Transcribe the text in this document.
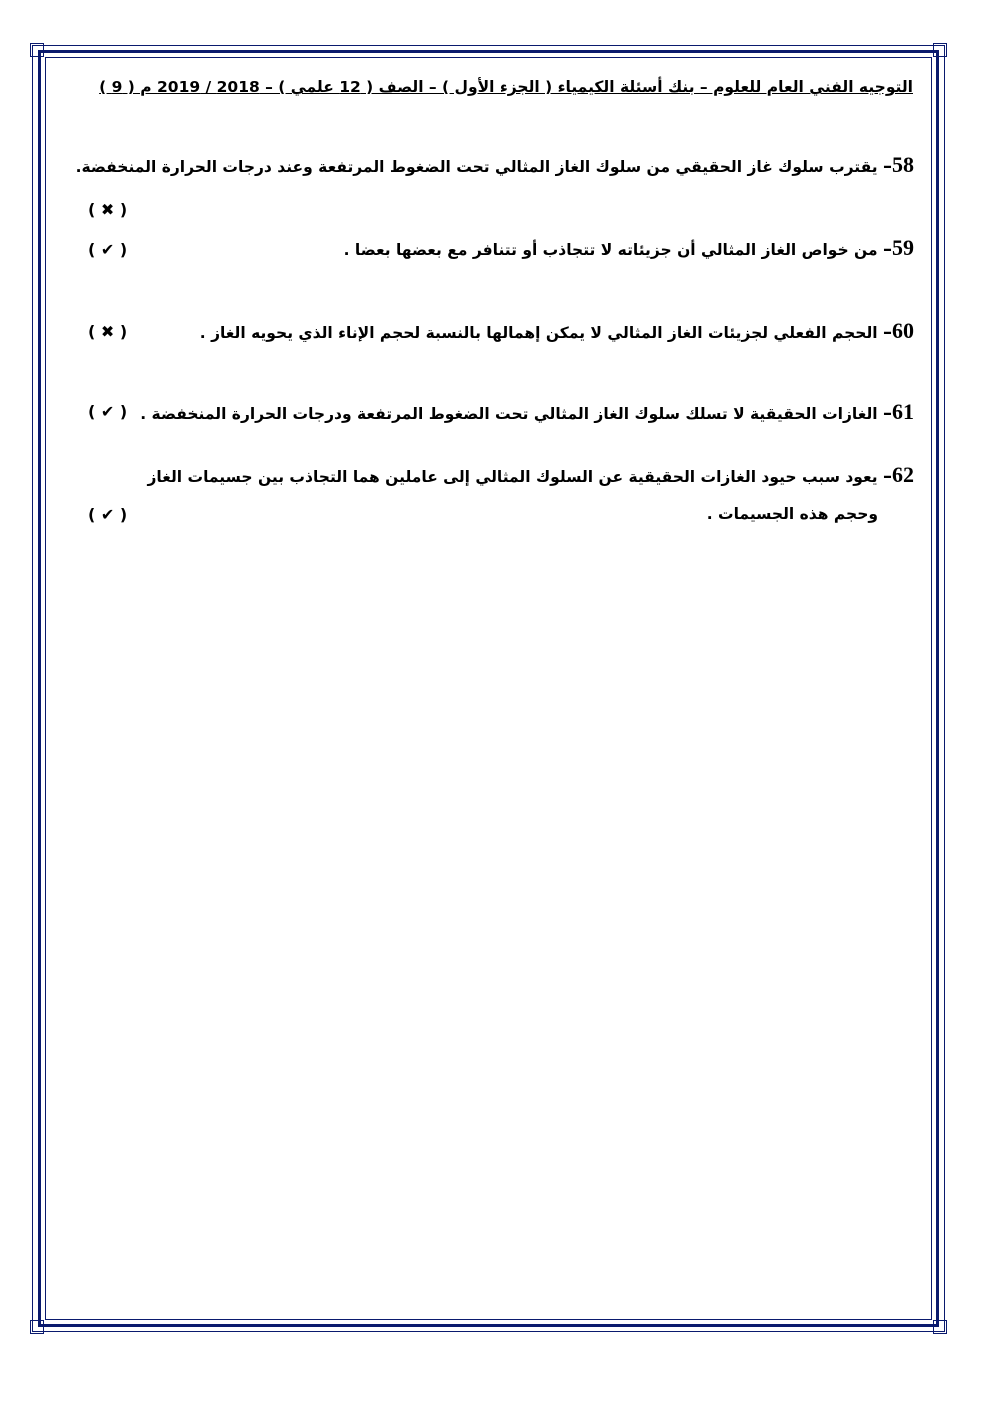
التوجيه الفني العام للعلوم – بنك أسئلة الكيمياء ( الجزء الأول ) – الصف ( 12 علمي ) – 2018 / 2019 م ( 9 )
58– يقترب سلوك غاز الحقيقي من سلوك الغاز المثالي تحت الضغوط المرتفعة وعند درجات الحرارة المنخفضة.
( ✖ )
59– من خواص الغاز المثالي أن جزيئاته لا تتجاذب أو تتنافر مع بعضها بعضا .
( ✔ )
60– الحجم الفعلي لجزيئات الغاز المثالي لا يمكن إهمالها بالنسبة لحجم الإناء الذي يحويه الغاز .
( ✖ )
61– الغازات الحقيقية لا تسلك سلوك الغاز المثالي تحت الضغوط المرتفعة ودرجات الحرارة المنخفضة .
( ✔ )
62– يعود سبب حيود الغازات الحقيقية عن السلوك المثالي إلى عاملين هما التجاذب بين جسيمات الغاز
وحجم هذه الجسيمات .
( ✔ )
